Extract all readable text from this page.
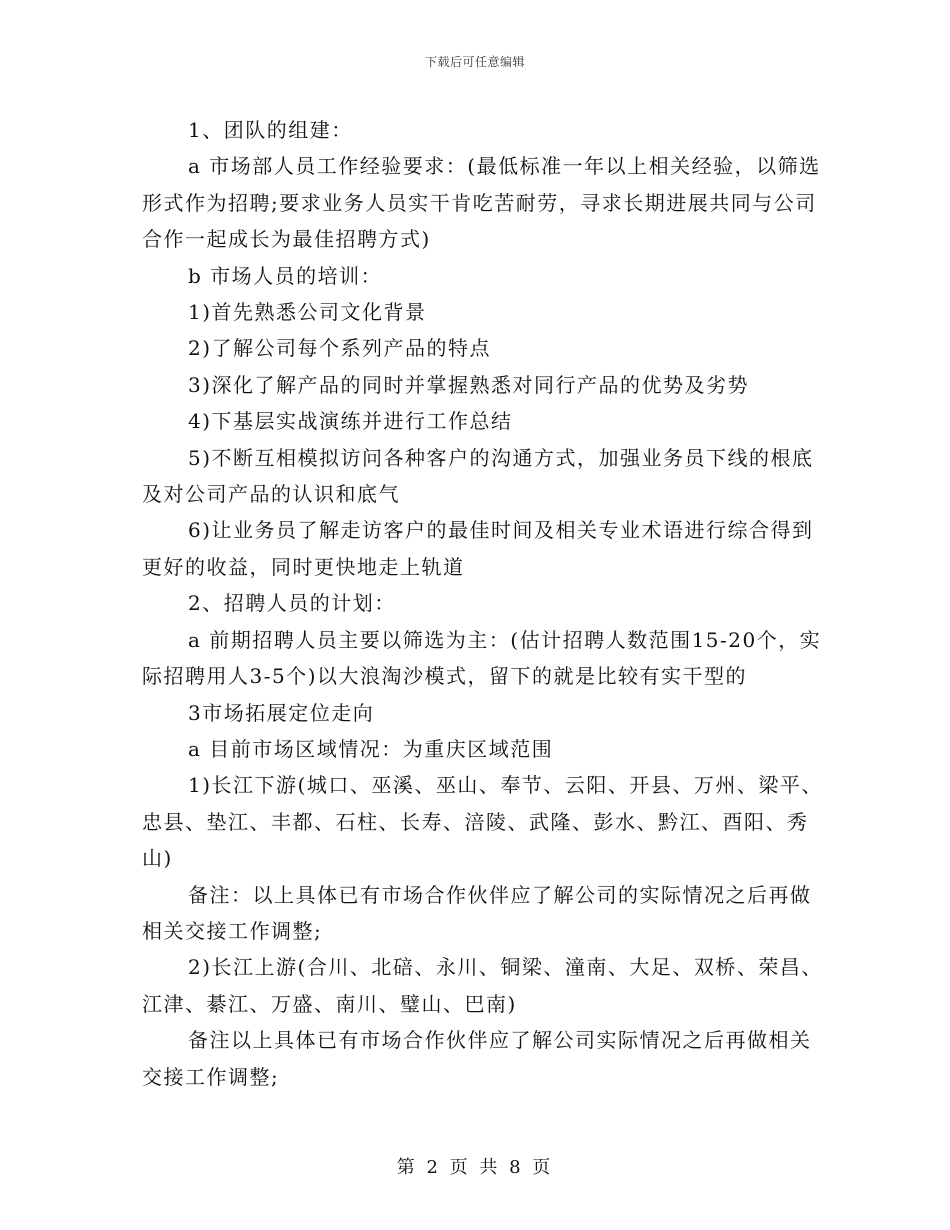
下载后可任意编辑

1、团队的组建：

a 市场部人员工作经验要求：(最低标准一年以上相关经验，以筛选形式作为招聘;要求业务人员实干肯吃苦耐劳，寻求长期进展共同与公司合作一起成长为最佳招聘方式)

b 市场人员的培训：

1)首先熟悉公司文化背景

2)了解公司每个系列产品的特点

3)深化了解产品的同时并掌握熟悉对同行产品的优势及劣势

4)下基层实战演练并进行工作总结

5)不断互相模拟访问各种客户的沟通方式，加强业务员下线的根底及对公司产品的认识和底气

6)让业务员了解走访客户的最佳时间及相关专业术语进行综合得到更好的收益，同时更快地走上轨道

2、招聘人员的计划：

a 前期招聘人员主要以筛选为主：(估计招聘人数范围15-20个，实际招聘用人3-5个)以大浪淘沙模式，留下的就是比较有实干型的

3市场拓展定位走向

a 目前市场区域情况：为重庆区域范围

1)长江下游(城口、巫溪、巫山、奉节、云阳、开县、万州、梁平、忠县、垫江、丰都、石柱、长寿、涪陵、武隆、彭水、黔江、酉阳、秀山)

备注：以上具体已有市场合作伙伴应了解公司的实际情况之后再做相关交接工作调整;

2)长江上游(合川、北碚、永川、铜梁、潼南、大足、双桥、荣昌、江津、綦江、万盛、南川、璧山、巴南)

备注以上具体已有市场合作伙伴应了解公司实际情况之后再做相关交接工作调整;

第 2 页 共 8 页
